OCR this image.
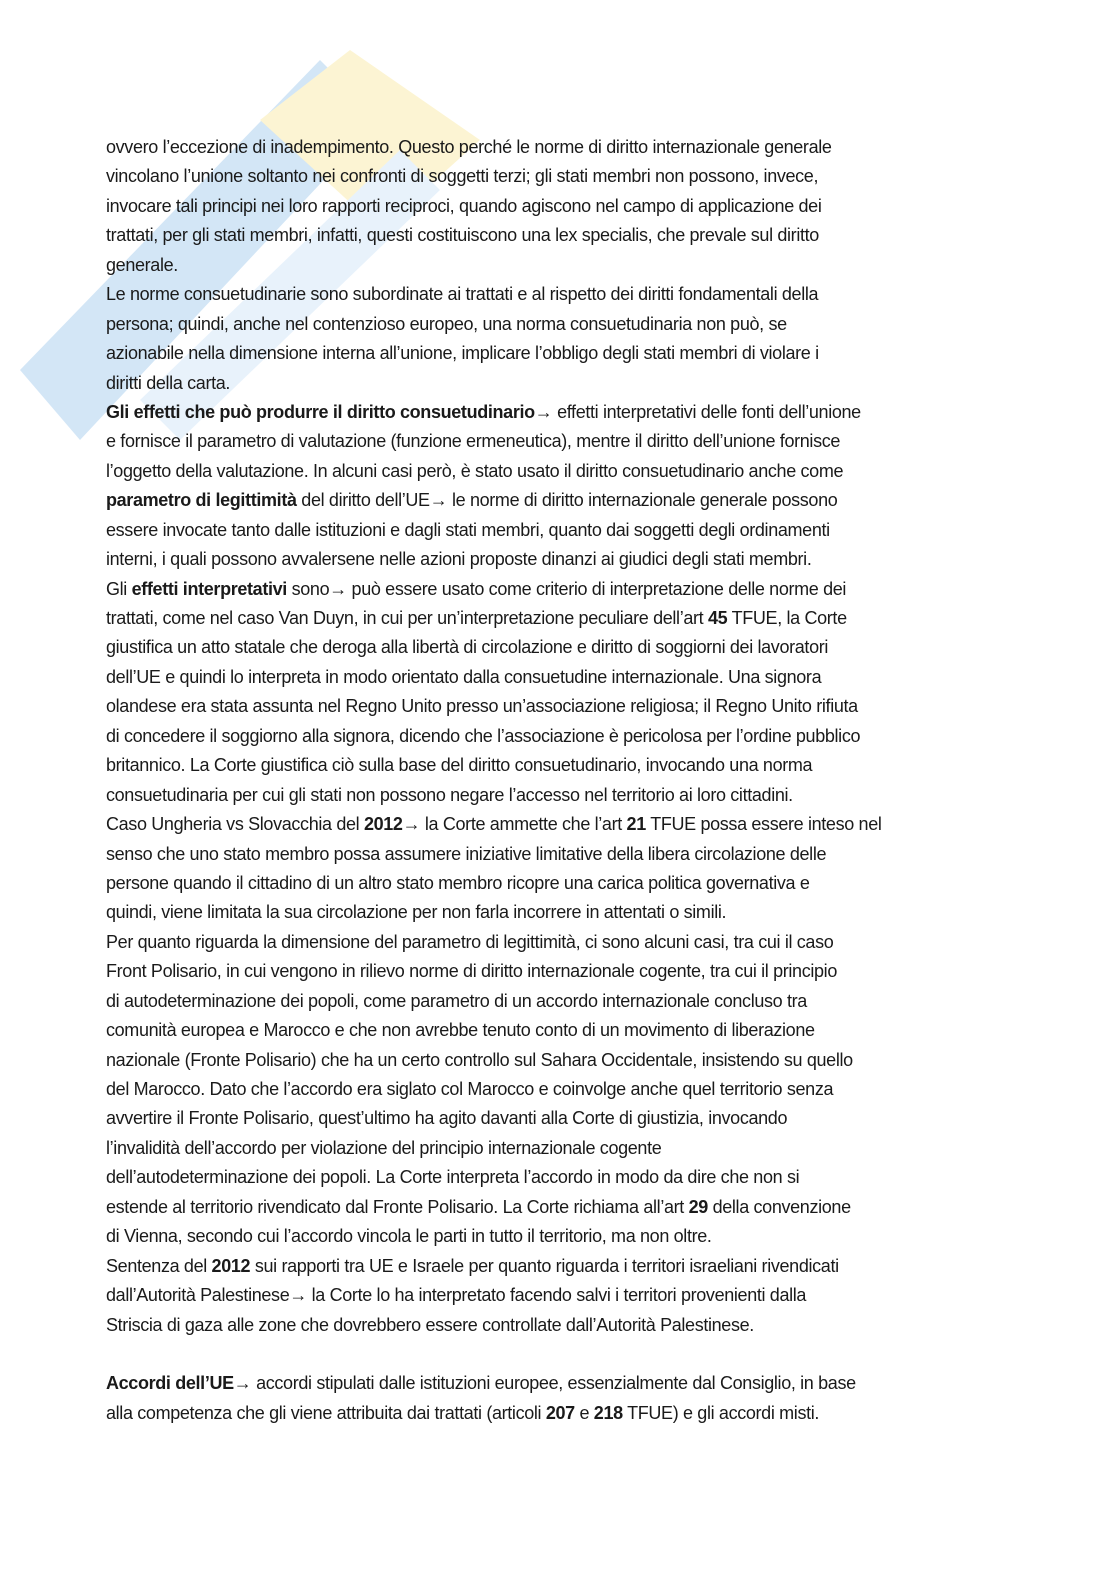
ovvero l’eccezione di inadempimento. Questo perché le norme di diritto internazionale generale
vincolano l’unione soltanto nei confronti di soggetti terzi; gli stati membri non possono, invece,
invocare tali principi nei loro rapporti reciproci, quando agiscono nel campo di applicazione dei
trattati, per gli stati membri, infatti, questi costituiscono una lex specialis, che prevale sul diritto
generale.
Le norme consuetudinarie sono subordinate ai trattati e al rispetto dei diritti fondamentali della
persona; quindi, anche nel contenzioso europeo, una norma consuetudinaria non può, se
azionabile nella dimensione interna all’unione, implicare l’obbligo degli stati membri di violare i
diritti della carta.
Gli effetti che può produrre il diritto consuetudinario→ effetti interpretativi delle fonti dell’unione
e fornisce il parametro di valutazione (funzione ermeneutica), mentre il diritto dell’unione fornisce
l’oggetto della valutazione. In alcuni casi però, è stato usato il diritto consuetudinario anche come
parametro di legittimità del diritto dell’UE→ le norme di diritto internazionale generale possono
essere invocate tanto dalle istituzioni e dagli stati membri, quanto dai soggetti degli ordinamenti
interni, i quali possono avvalersene nelle azioni proposte dinanzi ai giudici degli stati membri.
Gli effetti interpretativi sono→ può essere usato come criterio di interpretazione delle norme dei
trattati, come nel caso Van Duyn, in cui per un’interpretazione peculiare dell’art 45 TFUE, la Corte
giustifica un atto statale che deroga alla libertà di circolazione e diritto di soggiorni dei lavoratori
dell’UE e quindi lo interpreta in modo orientato dalla consuetudine internazionale. Una signora
olandese era stata assunta nel Regno Unito presso un’associazione religiosa; il Regno Unito rifiuta
di concedere il soggiorno alla signora, dicendo che l’associazione è pericolosa per l’ordine pubblico
britannico. La Corte giustifica ciò sulla base del diritto consuetudinario, invocando una norma
consuetudinaria per cui gli stati non possono negare l’accesso nel territorio ai loro cittadini.
Caso Ungheria vs Slovacchia del 2012→ la Corte ammette che l’art 21 TFUE possa essere inteso nel
senso che uno stato membro possa assumere iniziative limitative della libera circolazione delle
persone quando il cittadino di un altro stato membro ricopre una carica politica governativa e
quindi, viene limitata la sua circolazione per non farla incorrere in attentati o simili.
Per quanto riguarda la dimensione del parametro di legittimità, ci sono alcuni casi, tra cui il caso
Front Polisario, in cui vengono in rilievo norme di diritto internazionale cogente, tra cui il principio
di autodeterminazione dei popoli, come parametro di un accordo internazionale concluso tra
comunità europea e Marocco e che non avrebbe tenuto conto di un movimento di liberazione
nazionale (Fronte Polisario) che ha un certo controllo sul Sahara Occidentale, insistendo su quello
del Marocco. Dato che l’accordo era siglato col Marocco e coinvolge anche quel territorio senza
avvertire il Fronte Polisario, quest’ultimo ha agito davanti alla Corte di giustizia, invocando
l’invalidità dell’accordo per violazione del principio internazionale cogente
dell’autodeterminazione dei popoli. La Corte interpreta l’accordo in modo da dire che non si
estende al territorio rivendicato dal Fronte Polisario. La Corte richiama all’art 29 della convenzione
di Vienna, secondo cui l’accordo vincola le parti in tutto il territorio, ma non oltre.
Sentenza del 2012 sui rapporti tra UE e Israele per quanto riguarda i territori israeliani rivendicati
dall’Autorità Palestinese→ la Corte lo ha interpretato facendo salvi i territori provenienti dalla
Striscia di gaza alle zone che dovrebbero essere controllate dall’Autorità Palestinese.
Accordi dell’UE→ accordi stipulati dalle istituzioni europee, essenzialmente dal Consiglio, in base
alla competenza che gli viene attribuita dai trattati (articoli 207 e 218 TFUE) e gli accordi misti.
